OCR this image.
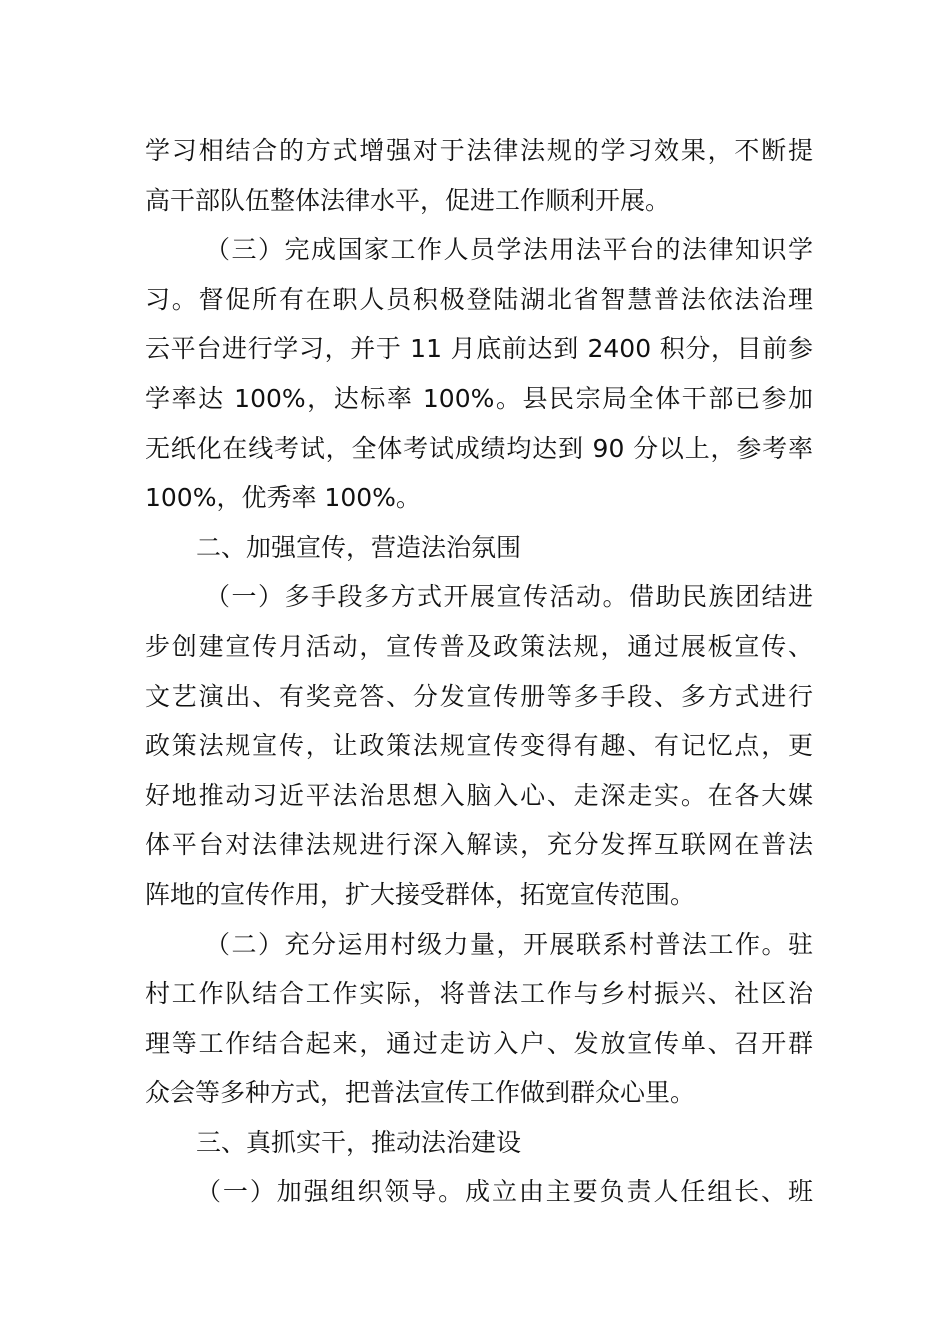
学习相结合的方式增强对于法律法规的学习效果，不断提
高干部队伍整体法律水平，促进工作顺利开展。
（三）完成国家工作人员学法用法平台的法律知识学
习。督促所有在职人员积极登陆湖北省智慧普法依法治理
云平台进行学习，并于 11 月底前达到 2400 积分，目前参
学率达 100%，达标率 100%。县民宗局全体干部已参加
无纸化在线考试，全体考试成绩均达到 90 分以上，参考率
100%，优秀率 100%。
二、加强宣传，营造法治氛围
（一）多手段多方式开展宣传活动。借助民族团结进
步创建宣传月活动，宣传普及政策法规，通过展板宣传、
文艺演出、有奖竞答、分发宣传册等多手段、多方式进行
政策法规宣传，让政策法规宣传变得有趣、有记忆点，更
好地推动习近平法治思想入脑入心、走深走实。在各大媒
体平台对法律法规进行深入解读，充分发挥互联网在普法
阵地的宣传作用，扩大接受群体，拓宽宣传范围。
（二）充分运用村级力量，开展联系村普法工作。驻
村工作队结合工作实际，将普法工作与乡村振兴、社区治
理等工作结合起来，通过走访入户、发放宣传单、召开群
众会等多种方式，把普法宣传工作做到群众心里。
三、真抓实干，推动法治建设
（一）加强组织领导。成立由主要负责人任组长、班
